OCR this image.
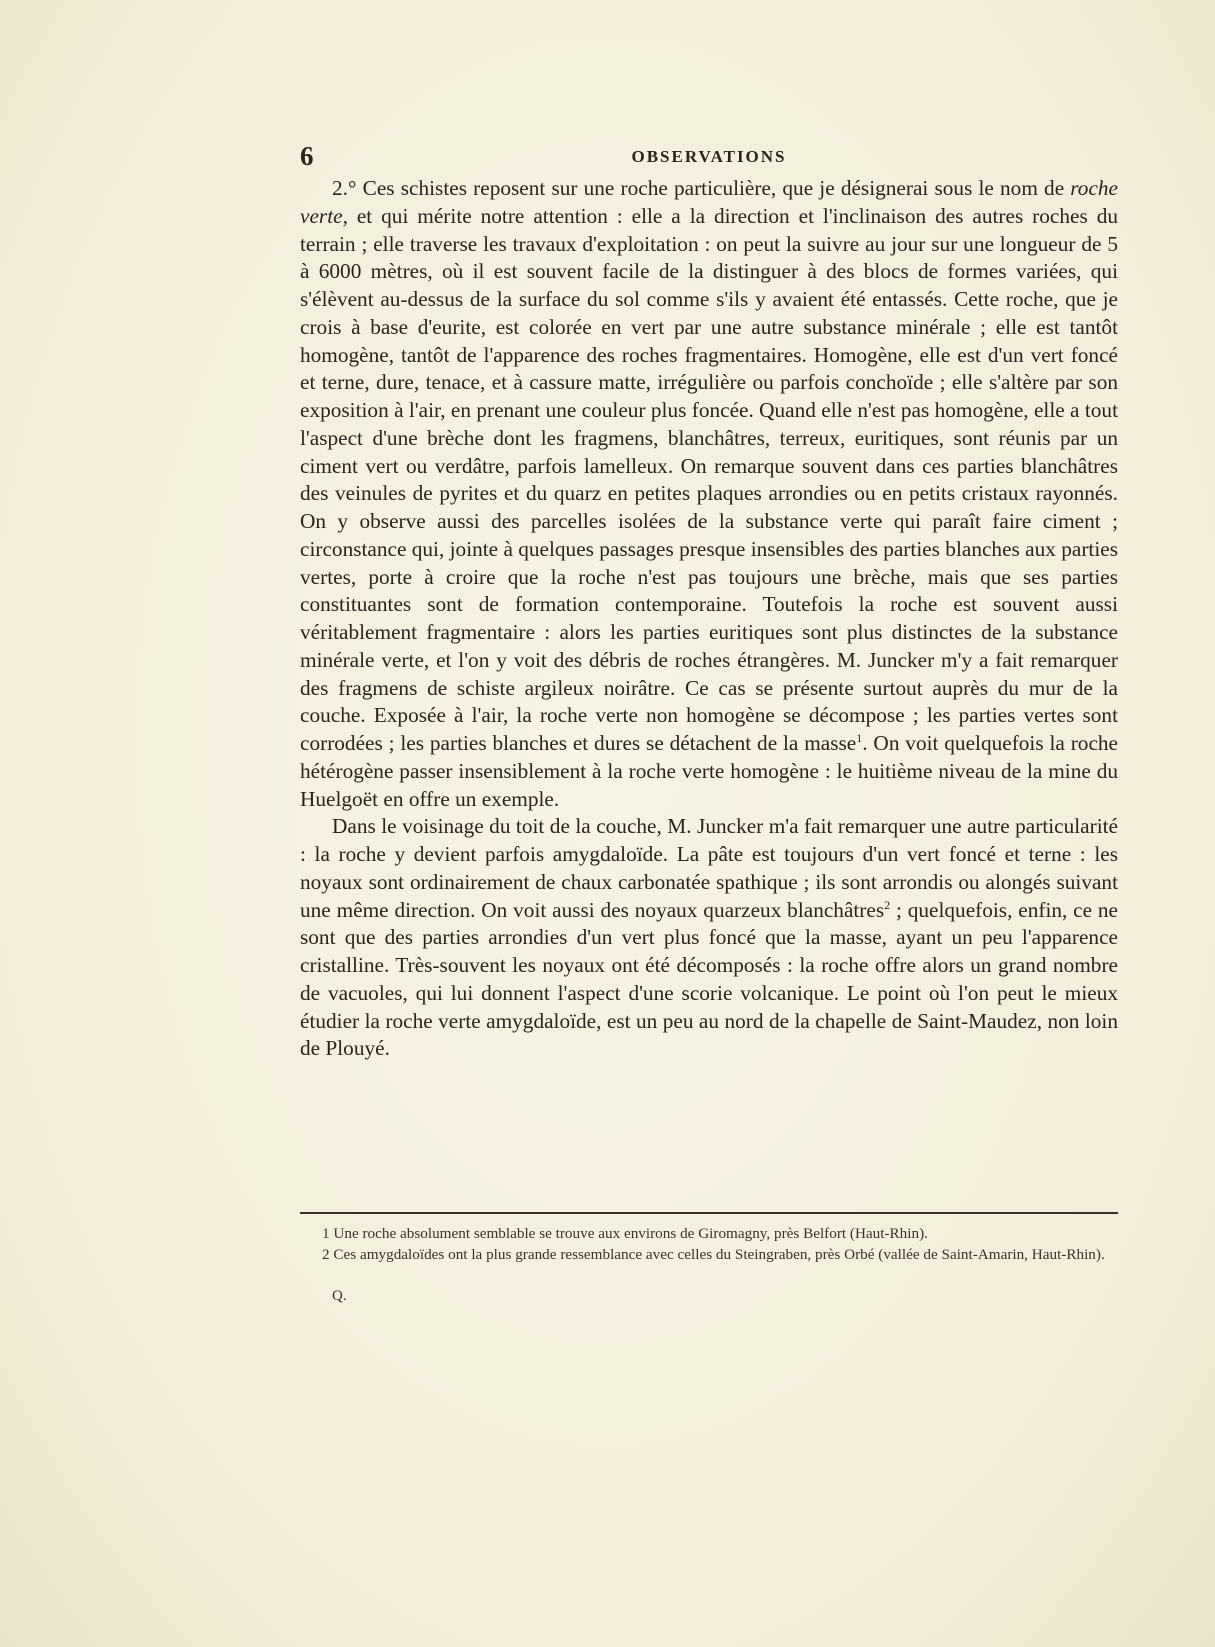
6	OBSERVATIONS

2.° Ces schistes reposent sur une roche particulière, que je désignerai sous le nom de roche verte, et qui mérite notre attention : elle a la direction et l'inclinaison des autres roches du terrain ; elle traverse les travaux d'exploitation : on peut la suivre au jour sur une longueur de 5 à 6000 mètres, où il est souvent facile de la distinguer à des blocs de formes variées, qui s'élèvent au-dessus de la surface du sol comme s'ils y avaient été entassés. Cette roche, que je crois à base d'eurite, est colorée en vert par une autre substance minérale ; elle est tantôt homogène, tantôt de l'apparence des roches fragmentaires. Homogène, elle est d'un vert foncé et terne, dure, tenace, et à cassure matte, irrégulière ou parfois conchoïde ; elle s'altère par son exposition à l'air, en prenant une couleur plus foncée. Quand elle n'est pas homogène, elle a tout l'aspect d'une brèche dont les fragmens, blanchâtres, terreux, euritiques, sont réunis par un ciment vert ou verdâtre, parfois lamelleux. On remarque souvent dans ces parties blanchâtres des veinules de pyrites et du quarz en petites plaques arrondies ou en petits cristaux rayonnés. On y observe aussi des parcelles isolées de la substance verte qui paraît faire ciment ; circonstance qui, jointe à quelques passages presque insensibles des parties blanches aux parties vertes, porte à croire que la roche n'est pas toujours une brèche, mais que ses parties constituantes sont de formation contemporaine. Toutefois la roche est souvent aussi véritablement fragmentaire : alors les parties euritiques sont plus distinctes de la substance minérale verte, et l'on y voit des débris de roches étrangères. M. Juncker m'y a fait remarquer des fragmens de schiste argileux noirâtre. Ce cas se présente surtout auprès du mur de la couche. Exposée à l'air, la roche verte non homogène se décompose ; les parties vertes sont corrodées ; les parties blanches et dures se détachent de la masse$^1$. On voit quelquefois la roche hétérogène passer insensiblement à la roche verte homogène : le huitième niveau de la mine du Huelgoët en offre un exemple.

Dans le voisinage du toit de la couche, M. Juncker m'a fait remarquer une autre particularité : la roche y devient parfois amygdaloïde. La pâte est toujours d'un vert foncé et terne : les noyaux sont ordinairement de chaux carbonatée spathique ; ils sont arrondis ou alongés suivant une même direction. On voit aussi des noyaux quarzeux blanchâtres$^2$ ; quelquefois, enfin, ce ne sont que des parties arrondies d'un vert plus foncé que la masse, ayant un peu l'apparence cristalline. Très-souvent les noyaux ont été décomposés : la roche offre alors un grand nombre de vacuoles, qui lui donnent l'aspect d'une scorie volcanique. Le point où l'on peut le mieux étudier la roche verte amygdaloïde, est un peu au nord de la chapelle de Saint-Maudez, non loin de Plouyé.

1 Une roche absolument semblable se trouve aux environs de Giromagny, près Belfort (Haut-Rhin).

2 Ces amygdaloïdes ont la plus grande ressemblance avec celles du Steingraben, près Orbé (vallée de Saint-Amarin, Haut-Rhin).

Q.
